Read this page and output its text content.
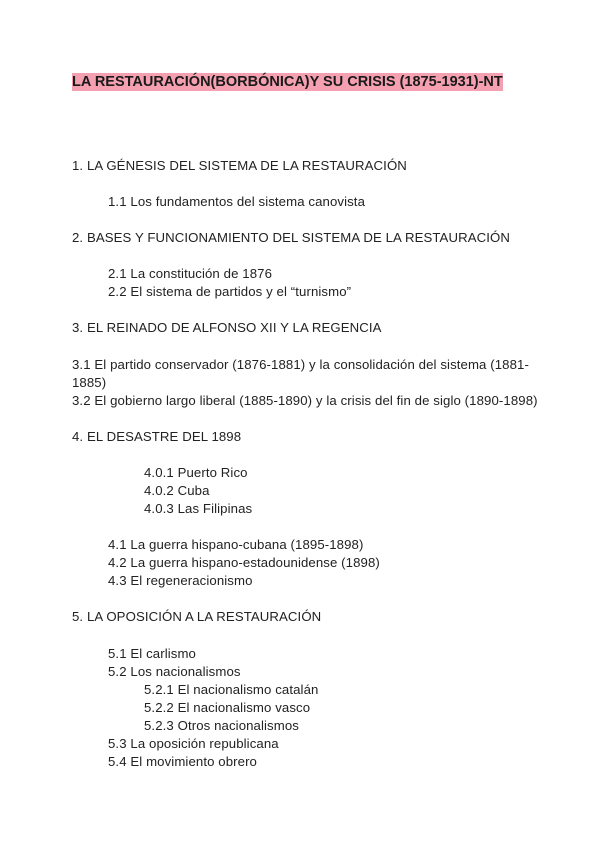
LA RESTAURACIÓN(BORBÓNICA)Y SU CRISIS (1875-1931)-NT
1. LA GÉNESIS DEL SISTEMA DE LA RESTAURACIÓN
1.1 Los fundamentos del sistema canovista
2. BASES Y FUNCIONAMIENTO DEL SISTEMA DE LA RESTAURACIÓN
2.1 La constitución de 1876
2.2 El sistema de partidos y el “turnismo”
3. EL REINADO DE ALFONSO XII Y LA REGENCIA
3.1 El partido conservador (1876-1881) y la consolidación del sistema (1881-1885)
3.2 El gobierno largo liberal (1885-1890) y la crisis del fin de siglo (1890-1898)
4. EL DESASTRE DEL 1898
4.0.1 Puerto Rico
4.0.2 Cuba
4.0.3 Las Filipinas
4.1 La guerra hispano-cubana (1895-1898)
4.2 La guerra hispano-estadounidense (1898)
4.3 El regeneracionismo
5. LA OPOSICIÓN A LA RESTAURACIÓN
5.1 El carlismo
5.2 Los nacionalismos
5.2.1 El nacionalismo catalán
5.2.2 El nacionalismo vasco
5.2.3 Otros nacionalismos
5.3 La oposición republicana
5.4 El movimiento obrero
